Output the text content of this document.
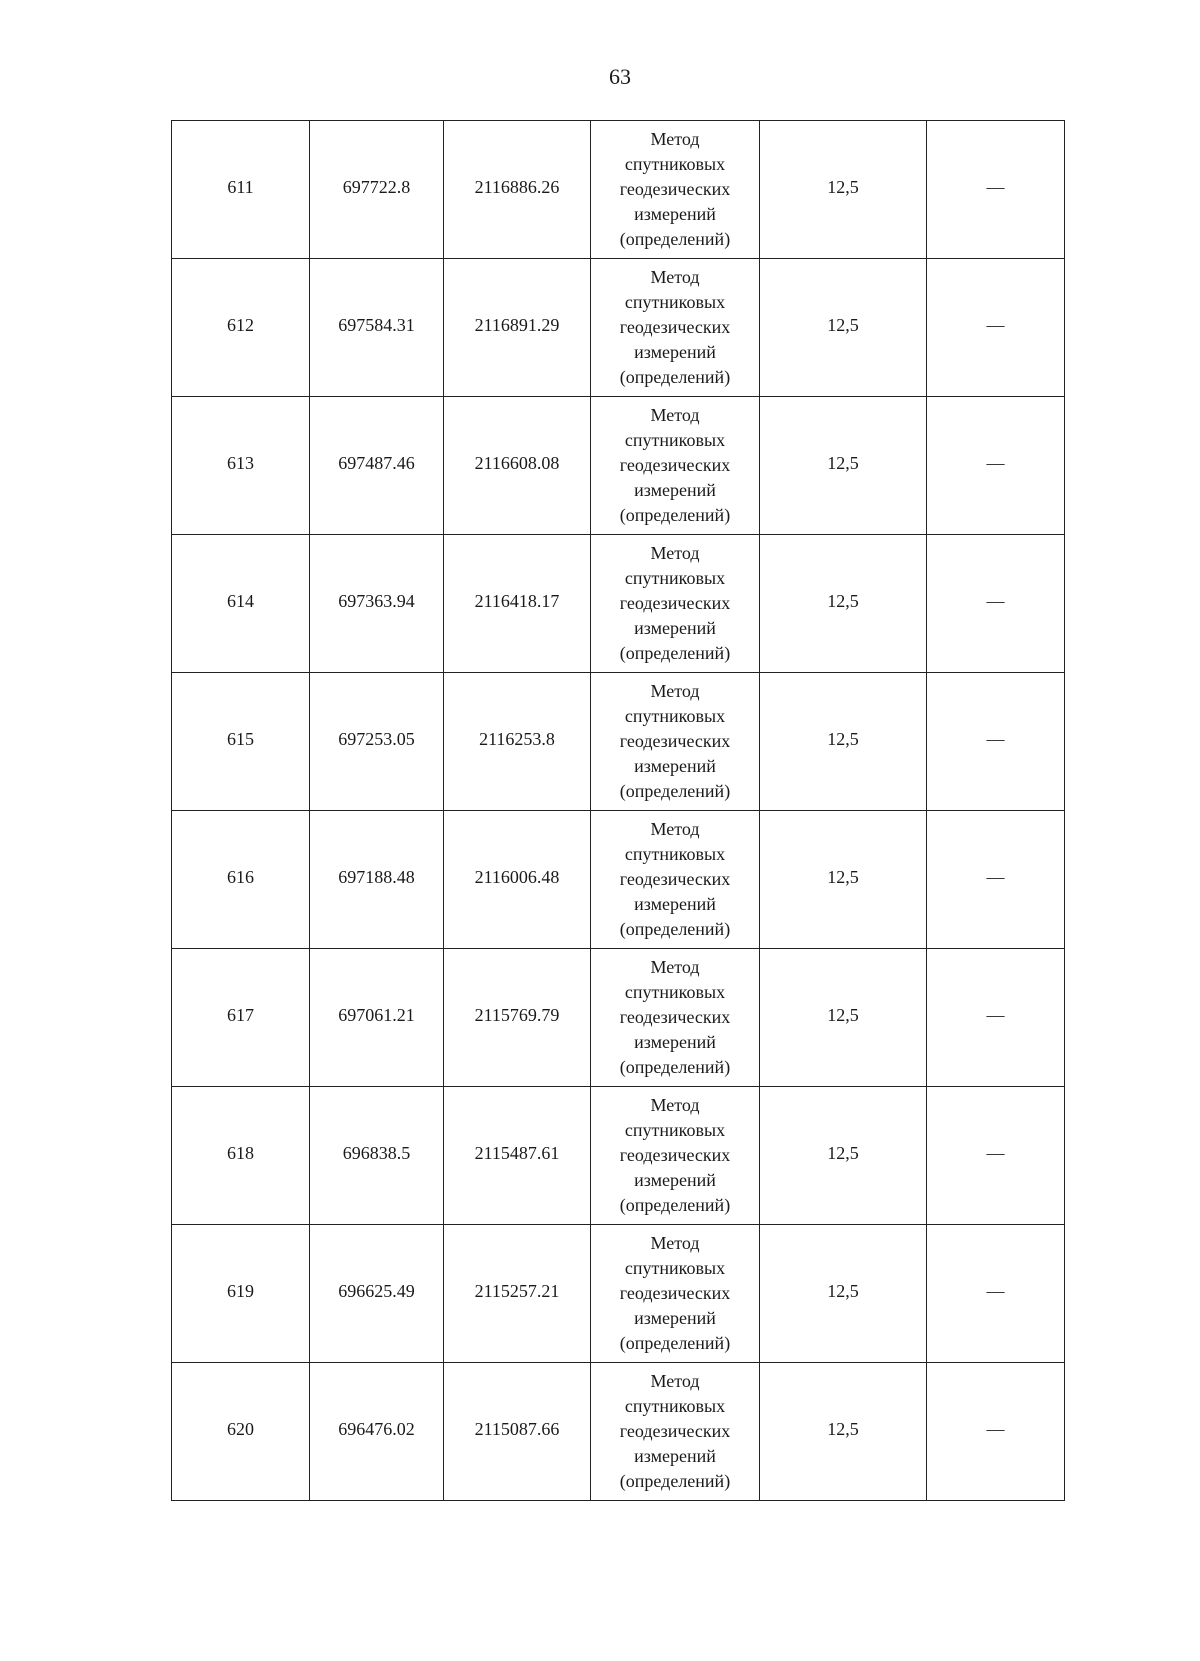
63
611	697722.8	2116886.26	Метод
спутниковых
геодезических
измерений
(определений)	12,5	—
612	697584.31	2116891.29	Метод
спутниковых
геодезических
измерений
(определений)	12,5	—
613	697487.46	2116608.08	Метод
спутниковых
геодезических
измерений
(определений)	12,5	—
614	697363.94	2116418.17	Метод
спутниковых
геодезических
измерений
(определений)	12,5	—
615	697253.05	2116253.8	Метод
спутниковых
геодезических
измерений
(определений)	12,5	—
616	697188.48	2116006.48	Метод
спутниковых
геодезических
измерений
(определений)	12,5	—
617	697061.21	2115769.79	Метод
спутниковых
геодезических
измерений
(определений)	12,5	—
618	696838.5	2115487.61	Метод
спутниковых
геодезических
измерений
(определений)	12,5	—
619	696625.49	2115257.21	Метод
спутниковых
геодезических
измерений
(определений)	12,5	—
620	696476.02	2115087.66	Метод
спутниковых
геодезических
измерений
(определений)	12,5	—
